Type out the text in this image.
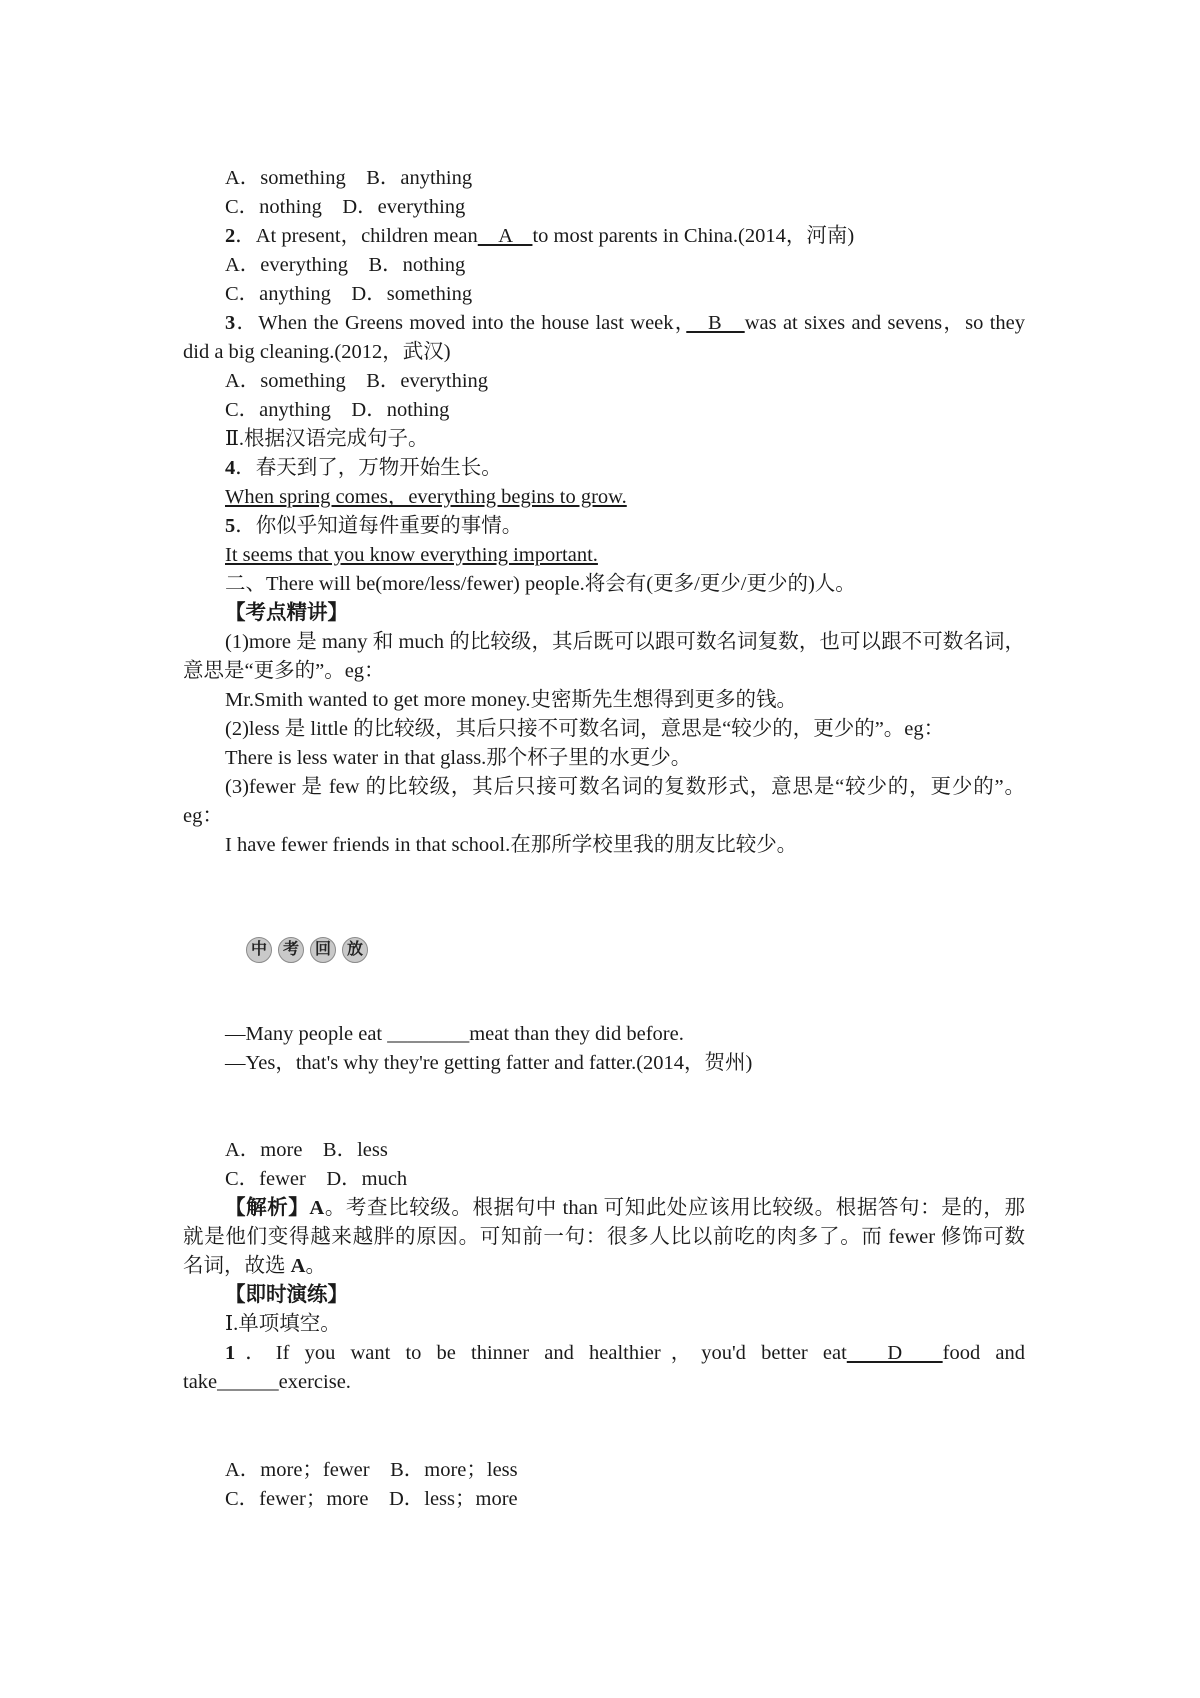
A．something　B．anything
C．nothing　D．everything
2．At present，children mean　A　to most parents in China.(2014，河南)
A．everything　B．nothing
C．anything　D．something
3．When the Greens moved into the house last week，　B　was at sixes and sevens，so they
did a big cleaning.(2012，武汉)
A．something　B．everything
C．anything　D．nothing
Ⅱ.根据汉语完成句子。
4．春天到了，万物开始生长。
When spring comes，everything begins to grow.
5．你似乎知道每件重要的事情。
It seems that you know everything important.
二、There will be(more/less/fewer) people.将会有(更多/更少/更少的)人。
【考点精讲】
(1)more 是 many 和 much 的比较级，其后既可以跟可数名词复数，也可以跟不可数名词，
意思是“更多的”。eg：
Mr.Smith wanted to get more money.史密斯先生想得到更多的钱。
(2)less 是 little 的比较级，其后只接不可数名词，意思是“较少的，更少的”。eg：
There is less water in that glass.那个杯子里的水更少。
(3)fewer 是 few 的比较级，其后只接可数名词的复数形式，意思是“较少的，更少的”。
eg：
I have fewer friends in that school.在那所学校里我的朋友比较少。
中 考 回 放
—Many people eat ________meat than they did before.
—Yes，that's why they're getting fatter and fatter.(2014，贺州)
A．more　B．less
C．fewer　D．much
【解析】A。考查比较级。根据句中 than 可知此处应该用比较级。根据答句：是的，那
就是他们变得越来越胖的原因。可知前一句：很多人比以前吃的肉多了。而 fewer 修饰可数
名词，故选 A。
【即时演练】
Ⅰ.单项填空。
1．If you want to be thinner and healthier，you'd better eat　D　food and
take______exercise.
A．more；fewer　B．more；less
C．fewer；more　D．less；more
